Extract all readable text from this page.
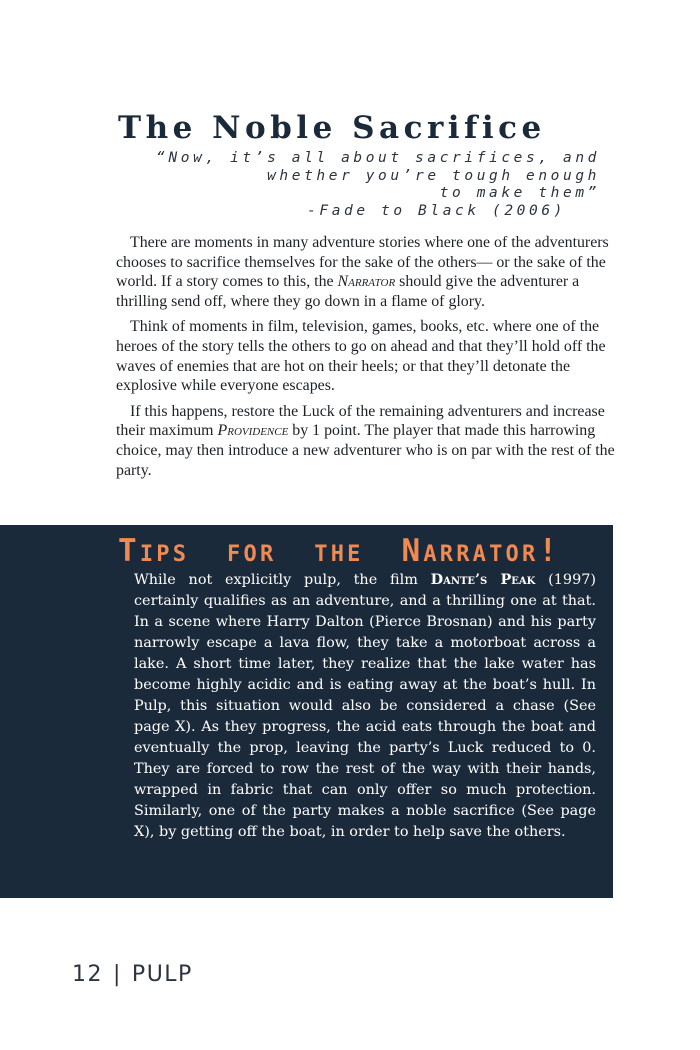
The Noble Sacrifice
“Now, it’s all about sacrifices, and
whether you’re tough enough
to make them”
-Fade to Black (2006)

There are moments in many adventure stories where one of the adventurers chooses to sacrifice themselves for the sake of the others— or the sake of the world. If a story comes to this, the Narrator should give the adventurer a thrilling send off, where they go down in a flame of glory.

Think of moments in film, television, games, books, etc. where one of the heroes of the story tells the others to go on ahead and that they’ll hold off the waves of enemies that are hot on their heels; or that they’ll detonate the explosive while everyone escapes.

If this happens, restore the Luck of the remaining adventurers and increase their maximum Providence by 1 point. The player that made this harrowing choice, may then introduce a new adventurer who is on par with the rest of the party.

Tips for the Narrator!
While not explicitly pulp, the film Dante’s Peak (1997) certainly qualifies as an adventure, and a thrilling one at that. In a scene where Harry Dalton (Pierce Brosnan) and his party narrowly escape a lava flow, they take a motorboat across a lake. A short time later, they realize that the lake water has become highly acidic and is eating away at the boat’s hull. In Pulp, this situation would also be considered a chase (See page X). As they progress, the acid eats through the boat and eventually the prop, leaving the party’s Luck reduced to 0. They are forced to row the rest of the way with their hands, wrapped in fabric that can only offer so much protection. Similarly, one of the party makes a noble sacrifice (See page X), by getting off the boat, in order to help save the others.
12 | PULP
